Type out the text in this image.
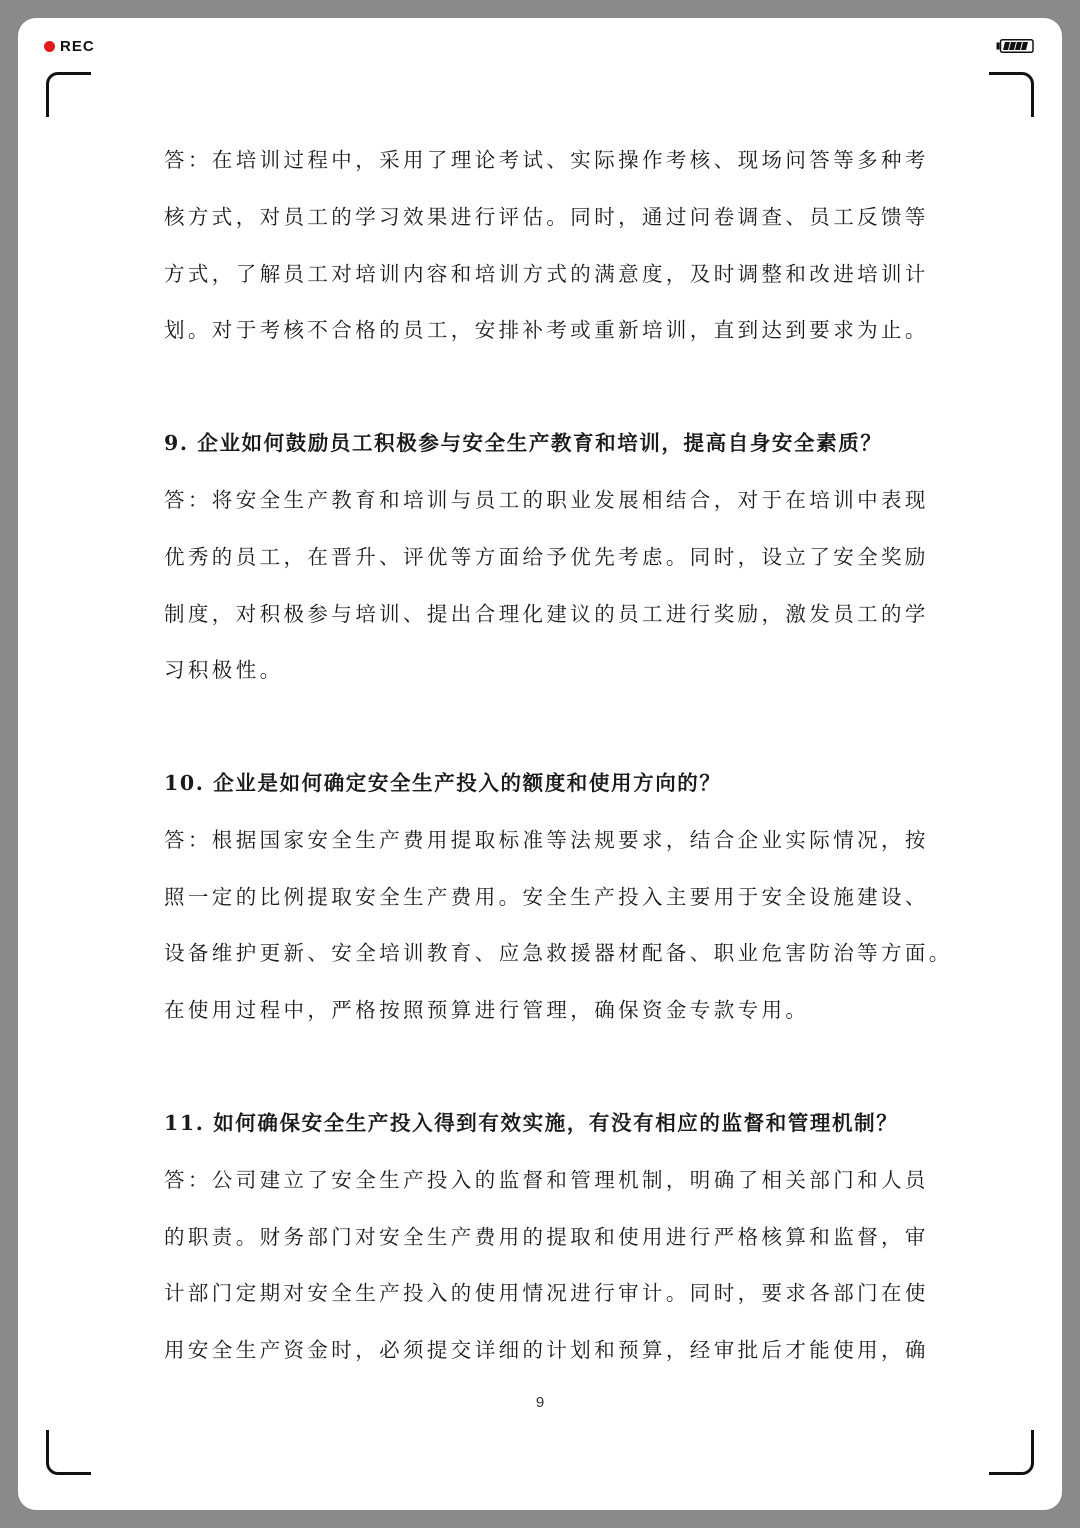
REC
答：在培训过程中，采用了理论考试、实际操作考核、现场问答等多种考
核方式，对员工的学习效果进行评估。同时，通过问卷调查、员工反馈等
方式，了解员工对培训内容和培训方式的满意度，及时调整和改进培训计
划。对于考核不合格的员工，安排补考或重新培训，直到达到要求为止。
9. 企业如何鼓励员工积极参与安全生产教育和培训，提高自身安全素质？
答：将安全生产教育和培训与员工的职业发展相结合，对于在培训中表现
优秀的员工，在晋升、评优等方面给予优先考虑。同时，设立了安全奖励
制度，对积极参与培训、提出合理化建议的员工进行奖励，激发员工的学
习积极性。
10. 企业是如何确定安全生产投入的额度和使用方向的？
答：根据国家安全生产费用提取标准等法规要求，结合企业实际情况，按
照一定的比例提取安全生产费用。安全生产投入主要用于安全设施建设、
设备维护更新、安全培训教育、应急救援器材配备、职业危害防治等方面。
在使用过程中，严格按照预算进行管理，确保资金专款专用。
11. 如何确保安全生产投入得到有效实施，有没有相应的监督和管理机制？
答：公司建立了安全生产投入的监督和管理机制，明确了相关部门和人员
的职责。财务部门对安全生产费用的提取和使用进行严格核算和监督，审
计部门定期对安全生产投入的使用情况进行审计。同时，要求各部门在使
用安全生产资金时，必须提交详细的计划和预算，经审批后才能使用，确
9
